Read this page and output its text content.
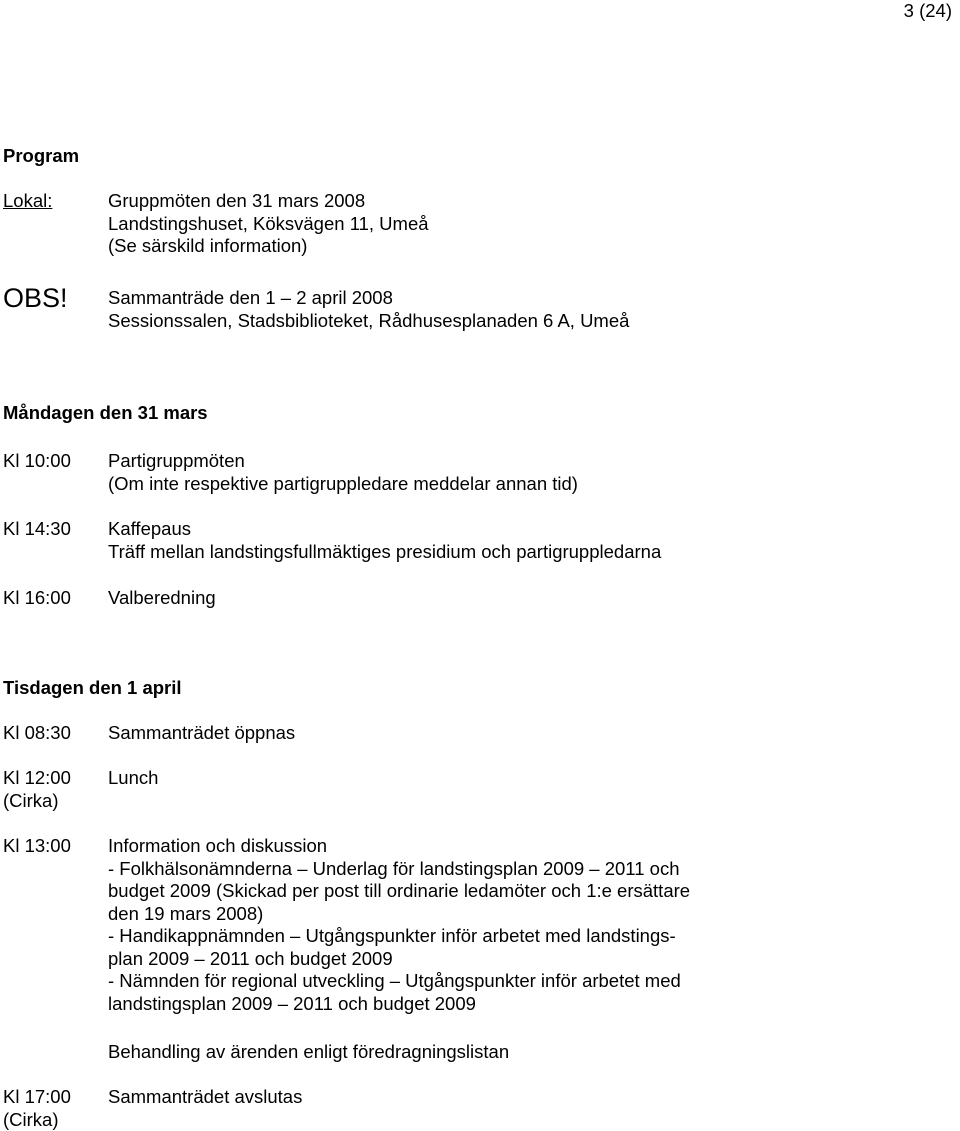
3 (24)
Program
Lokal:	Gruppmöten den 31 mars 2008
Landstingshuset, Köksvägen 11, Umeå
(Se särskild information)
OBS! Sammanträde den 1 – 2 april 2008
Sessionssalen, Stadsbiblioteket, Rådhusesplanaden 6 A, Umeå
Måndagen den 31 mars
Kl 10:00 Partigruppmöten
(Om inte respektive partigruppledare meddelar annan tid)
Kl 14:30 Kaffepaus
Träff mellan landstingsfullmäktiges presidium och partigruppledarna
Kl 16:00 Valberedning
Tisdagen den 1 april
Kl 08:30 Sammanträdet öppnas
Kl 12:00
(Cirka)
Lunch
Kl 13:00 Information och diskussion
- Folkhälsonämnderna – Underlag för landstingsplan 2009 – 2011 och
budget 2009 (Skickad per post till ordinarie ledamöter och 1:e ersättare
den 19 mars 2008)
- Handikappnämnden – Utgångspunkter inför arbetet med landstings-
plan 2009 – 2011 och budget 2009
- Nämnden för regional utveckling – Utgångspunkter inför arbetet med
landstingsplan 2009 – 2011 och budget 2009
Behandling av ärenden enligt föredragningslistan
Kl 17:00
(Cirka)
Sammanträdet avslutas
